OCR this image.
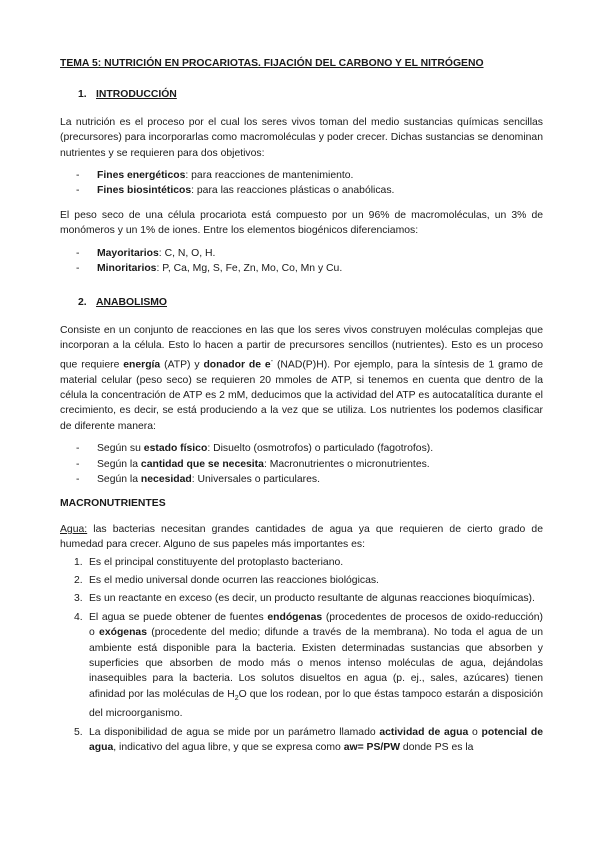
TEMA 5: NUTRICIÓN EN PROCARIOTAS. FIJACIÓN DEL CARBONO Y EL NITRÓGENO
1. INTRODUCCIÓN

La nutrición es el proceso por el cual los seres vivos toman del medio sustancias químicas sencillas (precursores) para incorporarlas como macromoléculas y poder crecer. Dichas sustancias se denominan nutrientes y se requieren para dos objetivos:

- Fines energéticos: para reacciones de mantenimiento.
- Fines biosintéticos: para las reacciones plásticas o anabólicas.

El peso seco de una célula procariota está compuesto por un 96% de macromoléculas, un 3% de monómeros y un 1% de iones. Entre los elementos biogénicos diferenciamos:

- Mayoritarios: C, N, O, H.
- Minoritarios: P, Ca, Mg, S, Fe, Zn, Mo, Co, Mn y Cu.
2. ANABOLISMO

Consiste en un conjunto de reacciones en las que los seres vivos construyen moléculas complejas que incorporan a la célula. Esto lo hacen a partir de precursores sencillos (nutrientes). Esto es un proceso que requiere energía (ATP) y donador de e- (NAD(P)H). Por ejemplo, para la síntesis de 1 gramo de material celular (peso seco) se requieren 20 mmoles de ATP, si tenemos en cuenta que dentro de la célula la concentración de ATP es 2 mM, deducimos que la actividad del ATP es autocatalítica durante el crecimiento, es decir, se está produciendo a la vez que se utiliza. Los nutrientes los podemos clasificar de diferente manera:

- Según su estado físico: Disuelto (osmotrofos) o particulado (fagotrofos).
- Según la cantidad que se necesita: Macronutrientes o micronutrientes.
- Según la necesidad: Universales o particulares.
MACRONUTRIENTES

Agua: las bacterias necesitan grandes cantidades de agua ya que requieren de cierto grado de humedad para crecer. Alguno de sus papeles más importantes es:

1. Es el principal constituyente del protoplasto bacteriano.
2. Es el medio universal donde ocurren las reacciones biológicas.
3. Es un reactante en exceso (es decir, un producto resultante de algunas reacciones bioquímicas).
4. El agua se puede obtener de fuentes endógenas (procedentes de procesos de oxido-reducción) o exógenas (procedente del medio; difunde a través de la membrana). No toda el agua de un ambiente está disponible para la bacteria. Existen determinadas sustancias que absorben y superficies que absorben de modo más o menos intenso moléculas de agua, dejándolas inasequibles para la bacteria. Los solutos disueltos en agua (p. ej., sales, azúcares) tienen afinidad por las moléculas de $H_2O$ que los rodean, por lo que éstas tampoco estarán a disposición del microorganismo.
5. La disponibilidad de agua se mide por un parámetro llamado actividad de agua o potencial de agua, indicativo del agua libre, y que se expresa como aw= PS/PW donde PS es la
